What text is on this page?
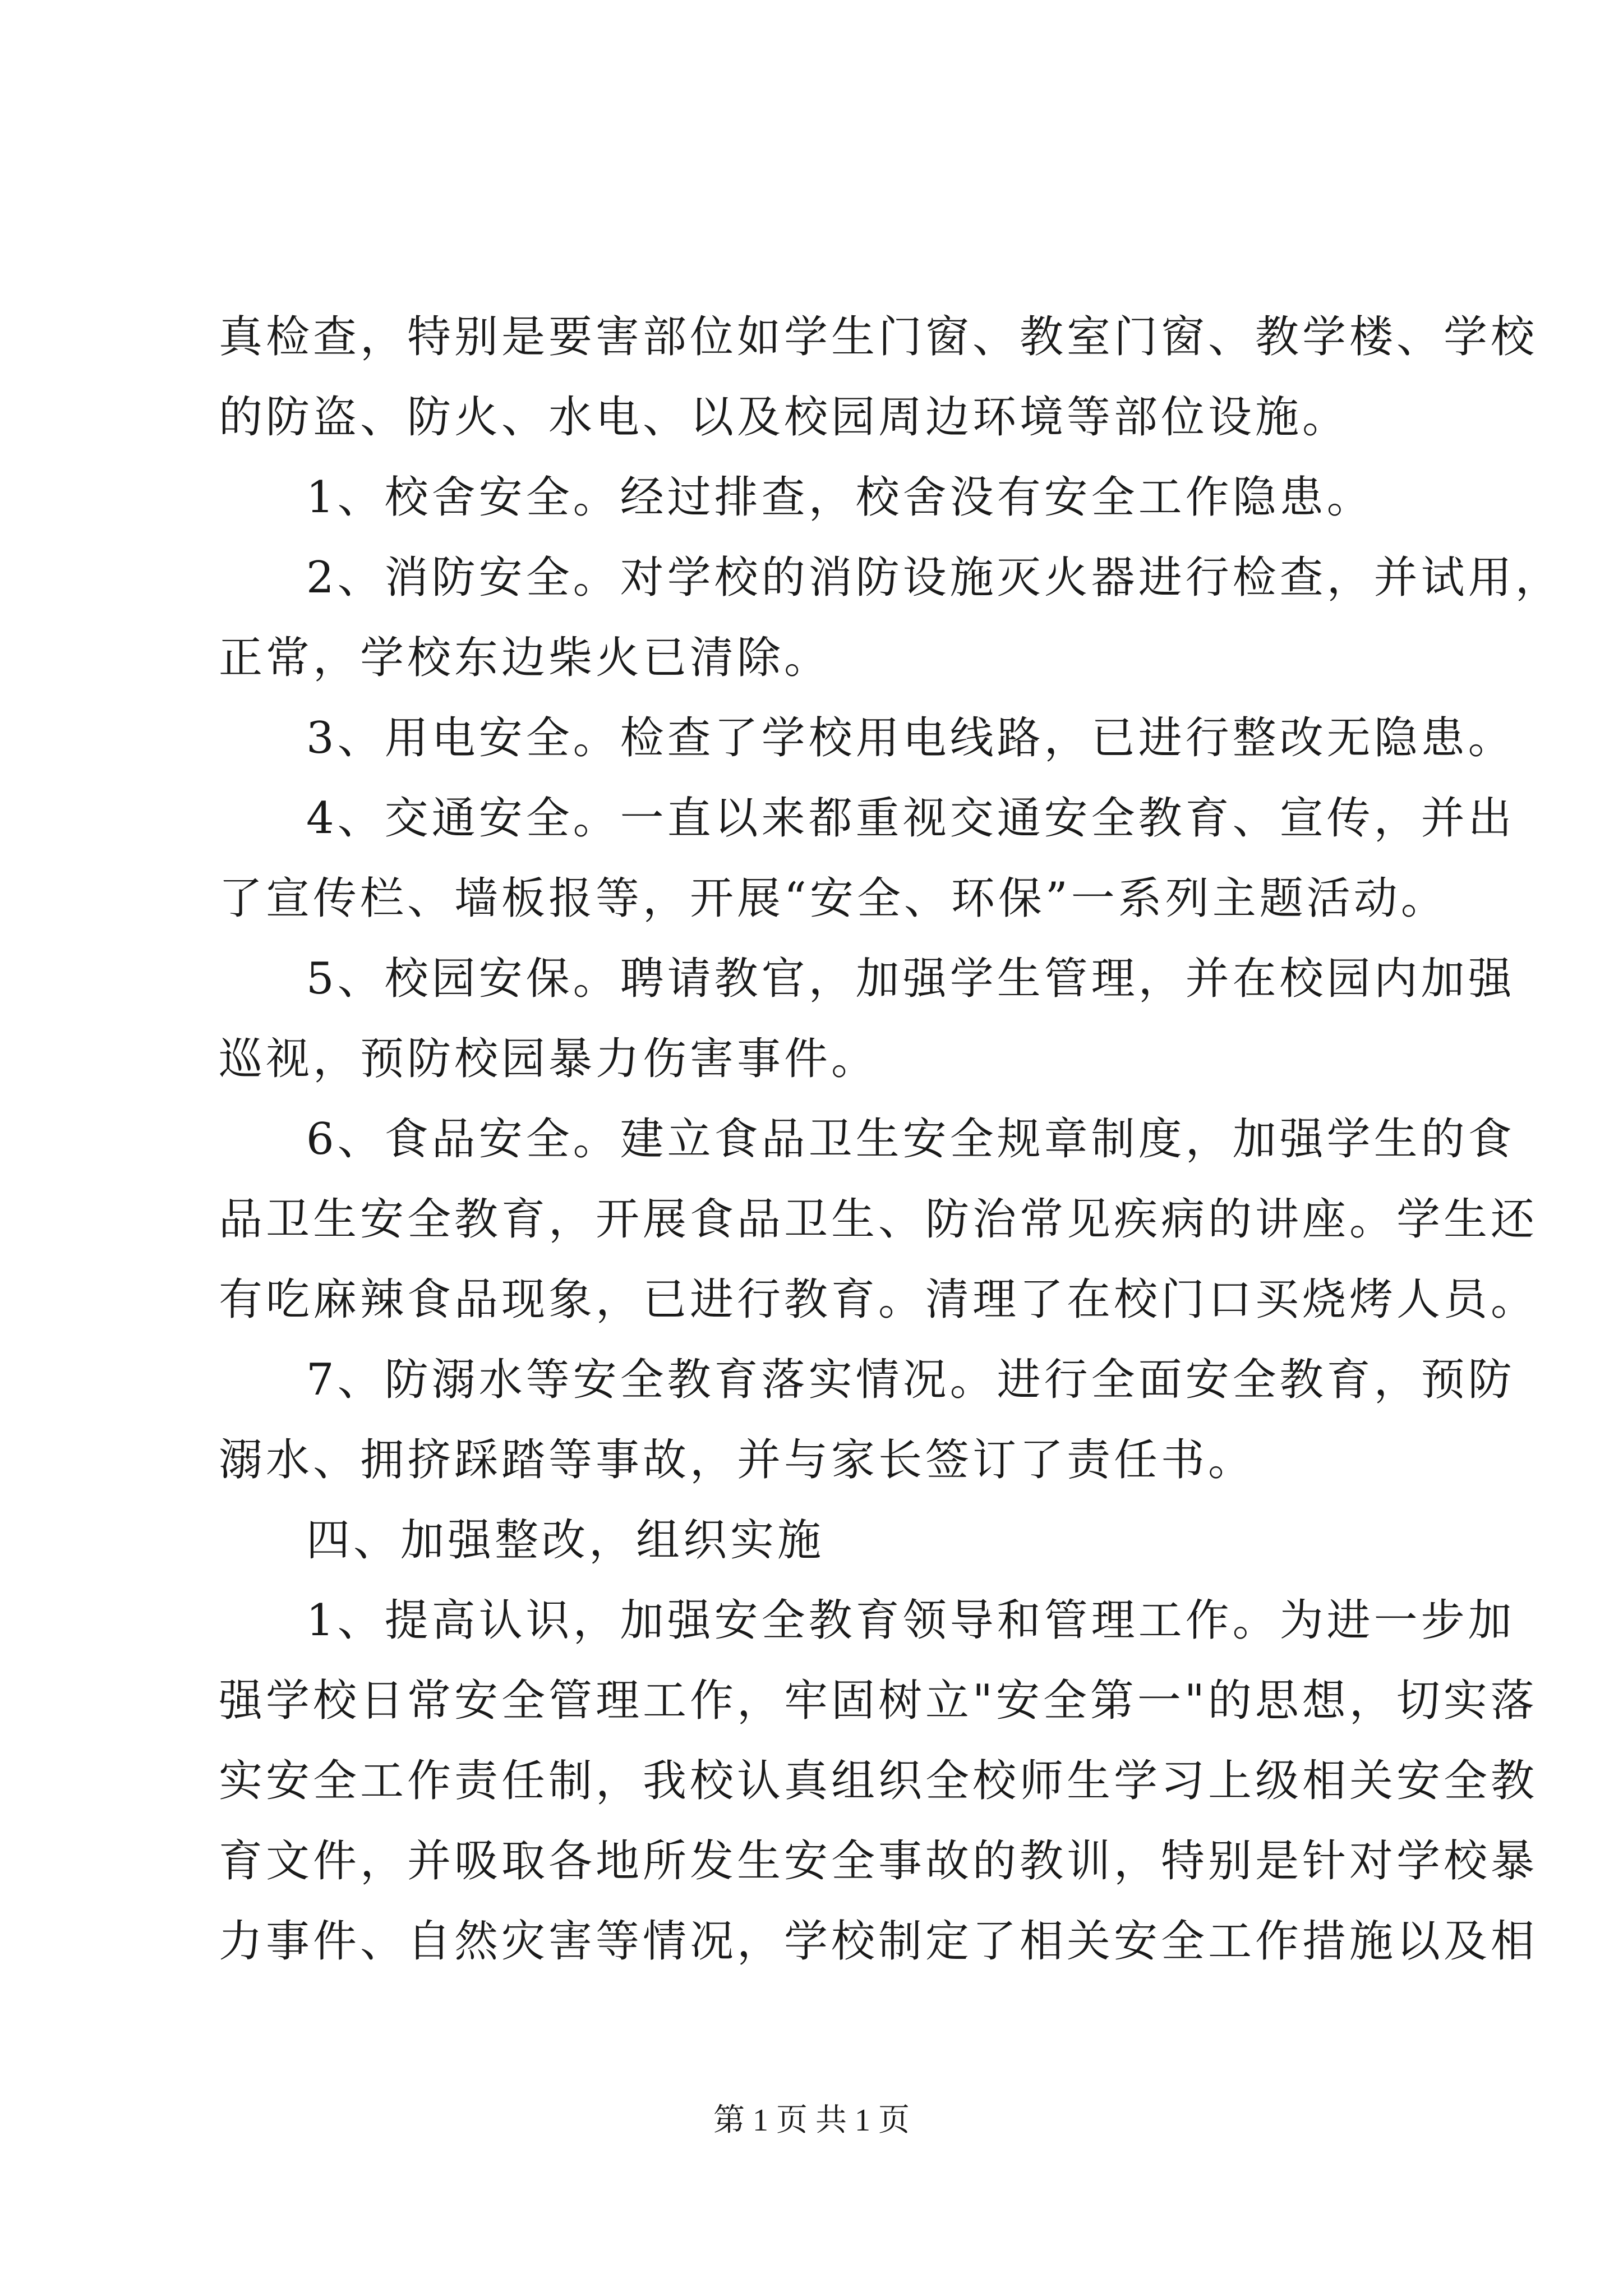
真检查，特别是要害部位如学生门窗、教室门窗、教学楼、学校
的防盗、防火、水电、以及校园周边环境等部位设施。
1、校舍安全。经过排查，校舍没有安全工作隐患。
2、消防安全。对学校的消防设施灭火器进行检查，并试用，
正常，学校东边柴火已清除。
3、用电安全。检查了学校用电线路，已进行整改无隐患。
4、交通安全。一直以来都重视交通安全教育、宣传，并出
了宣传栏、墙板报等，开展“安全、环保”一系列主题活动。
5、校园安保。聘请教官，加强学生管理，并在校园内加强
巡视，预防校园暴力伤害事件。
6、食品安全。建立食品卫生安全规章制度，加强学生的食
品卫生安全教育，开展食品卫生、防治常见疾病的讲座。学生还
有吃麻辣食品现象，已进行教育。清理了在校门口买烧烤人员。
7、防溺水等安全教育落实情况。进行全面安全教育，预防
溺水、拥挤踩踏等事故，并与家长签订了责任书。
四、加强整改，组织实施
1、提高认识，加强安全教育领导和管理工作。为进一步加
强学校日常安全管理工作，牢固树立"安全第一"的思想，切实落
实安全工作责任制，我校认真组织全校师生学习上级相关安全教
育文件，并吸取各地所发生安全事故的教训，特别是针对学校暴
力事件、自然灾害等情况，学校制定了相关安全工作措施以及相
第 1 页 共 1 页
